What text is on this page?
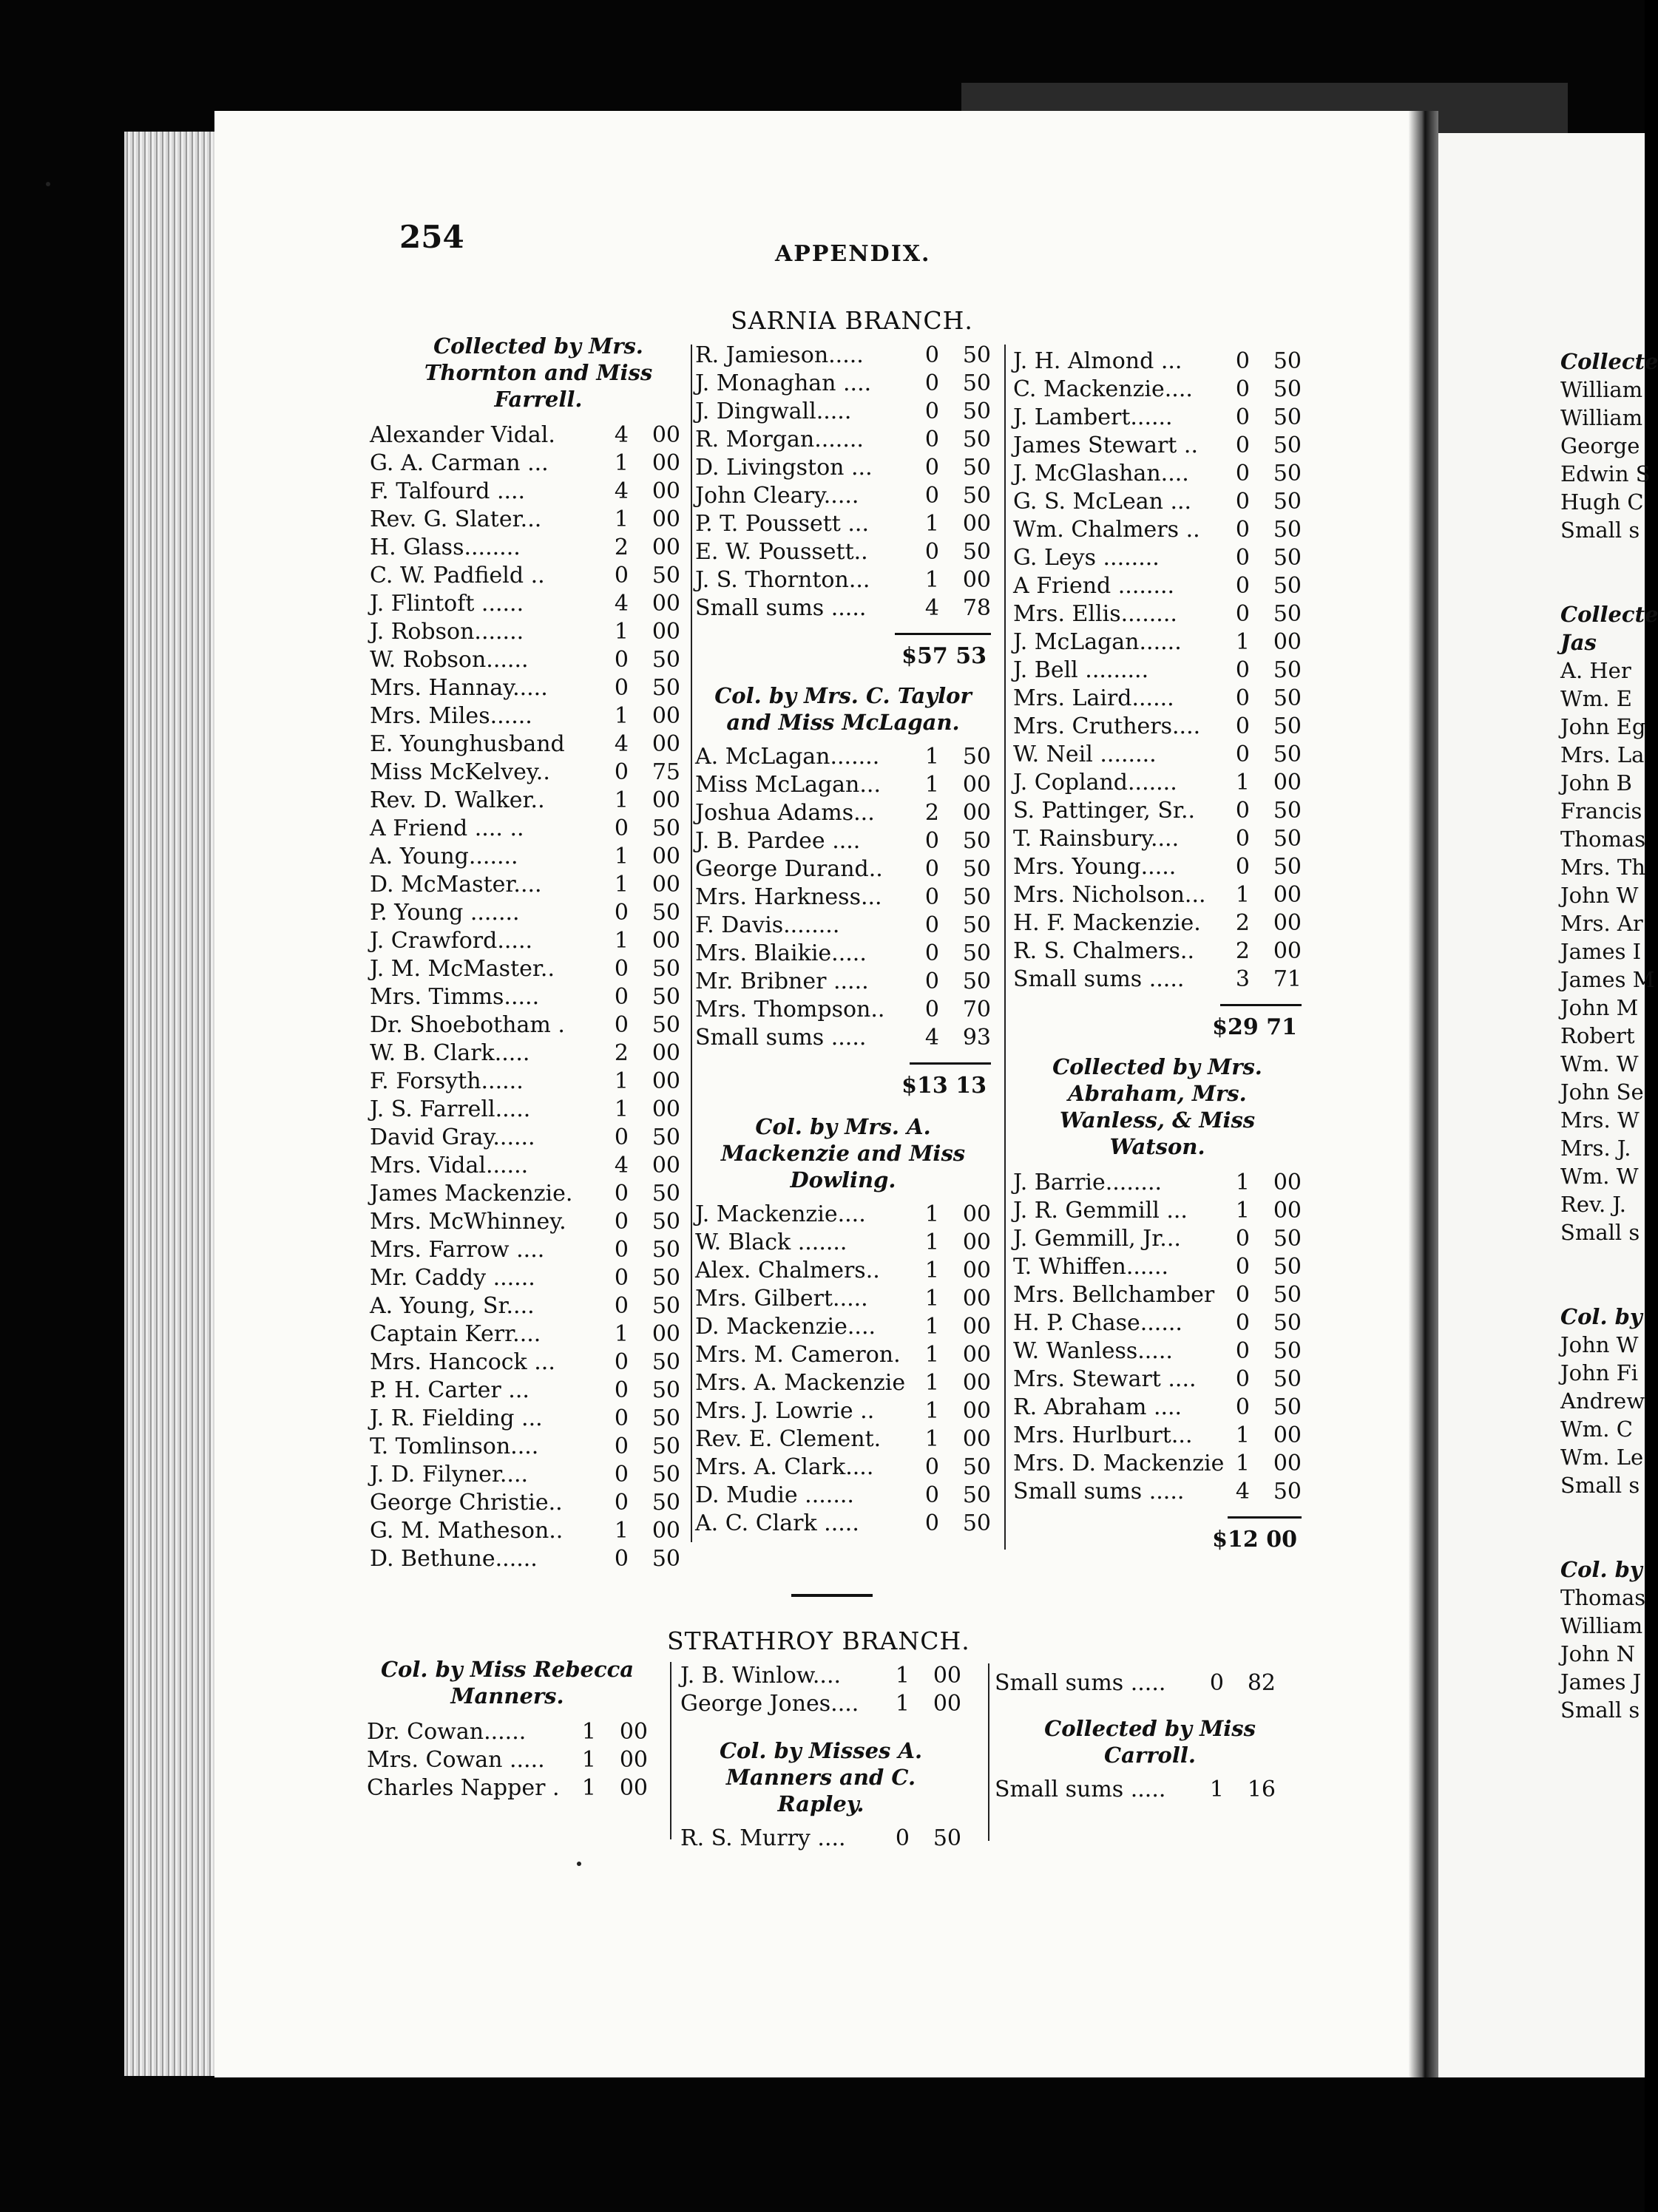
254	APPENDIX.
SARNIA BRANCH.
Collected by Mrs. Thornton and Miss Farrell.
Alexander Vidal.	4 00
G. A. Carman ...	1 00
F. Talfourd ....	4 00
Rev. G. Slater...	1 00
H. Glass........	2 00
C. W. Padfield ..	0 50
J. Flintoft ......	4 00
J. Robson.......	1 00
W. Robson......	0 50
Mrs. Hannay.....	0 50
Mrs. Miles......	1 00
E. Younghusband 4 00
Miss McKelvey..	0 75
Rev. D. Walker..	1 00
A Friend .... ..	0 50
A. Young.......	1 00
D. McMaster....	1 00
P. Young .......	0 50
J. Crawford.....	1 00
J. M. McMaster..	0 50
Mrs. Timms.....	0 50
Dr. Shoebotham . 0 50
W. B. Clark.....	2 00
F. Forsyth......	1 00
J. S. Farrell.....	1 00
David Gray......	0 50
Mrs. Vidal......	4 00
James Mackenzie. 0 50
Mrs. McWhinney. 0 50
Mrs. Farrow ....	0 50
Mr. Caddy ......	0 50
A. Young, Sr....	0 50
Captain Kerr....	1 00
Mrs. Hancock ...	0 50
P. H. Carter ...	0 50
J. R. Fielding ...	0 50
T. Tomlinson....	0 50
J. D. Filyner....	0 50
George Christie.. 0 50
G. M. Matheson.. 1 00
D. Bethune......	0 50
R. Jamieson.....	0 50
J. Monaghan .... 0 50
J. Dingwall.....	0 50
R. Morgan.......	0 50
D. Livingston ... 0 50
John Cleary.....	0 50
P. T. Poussett ...	1 00
E. W. Poussett..	0 50
J. S. Thornton... 1 00
Small sums .....	4 78
$57 53
Col. by Mrs. C. Taylor and Miss McLagan.
A. McLagan....... 1 50
Miss McLagan... 1 00
Joshua Adams... 2 00
J. B. Pardee ....	0 50
George Durand.. 0 50
Mrs. Harkness... 0 50
F. Davis........	0 50
Mrs. Blaikie.....	0 50
Mr. Bribner .....	0 50
Mrs. Thompson.. 0 70
Small sums .....	4 93
$13 13
Col. by Mrs. A. Mackenzie and Miss Dowling.
J. Mackenzie....	1 00
W. Black .......	1 00
Alex. Chalmers.. 1 00
Mrs. Gilbert.....	1 00
D. Mackenzie.... 1 00
Mrs. M. Cameron. 1 00
Mrs. A. Mackenzie 1 00
Mrs. J. Lowrie .. 1 00
Rev. E. Clement. 1 00
Mrs. A. Clark.... 0 50
D. Mudie .......	0 50
A. C. Clark .....	0 50
J. H. Almond ... 0 50
C. Mackenzie.... 0 50
J. Lambert......	0 50
James Stewart .. 0 50
J. McGlashan.... 0 50
G. S. McLean ... 0 50
Wm. Chalmers .. 0 50
G. Leys ........	0 50
A Friend ........	0 50
Mrs. Ellis........	0 50
J. McLagan...... 1 00
J. Bell .........	0 50
Mrs. Laird......	0 50
Mrs. Cruthers.... 0 50
W. Neil ........	0 50
J. Copland.......	1 00
S. Pattinger, Sr.. 0 50
T. Rainsbury....	0 50
Mrs. Young.....	0 50
Mrs. Nicholson... 1 00
H. F. Mackenzie. 2 00
R. S. Chalmers.. 2 00
Small sums ..... 3 71
$29 71
Collected by Mrs. Abraham, Mrs. Wanless, & Miss Watson.
J. Barrie........	1 00
J. R. Gemmill ... 1 00
J. Gemmill, Jr... 0 50
T. Whiffen......	0 50
Mrs. Bellchamber 0 50
H. P. Chase...... 0 50
W. Wanless.....	0 50
Mrs. Stewart .... 0 50
R. Abraham .... 0 50
Mrs. Hurlburt... 1 00
Mrs. D. Mackenzie 1 00
Small sums ..... 4 50
$12 00
STRATHROY BRANCH.
Col. by Miss Rebecca Manners.
Dr. Cowan......	1 00
Mrs. Cowan ..... 1 00
Charles Napper . 1 00
J. B. Winlow.... 1 00
George Jones.... 1 00
Col. by Misses A. Manners and C. Rapley.
R. S. Murry .... 0 50
Small sums ..... 0 82
Collected by Miss Carroll.
Small sums ..... 1 16
Collecte
William
William
George
Edwin S
Hugh C
Small s
Collecte
Jas
A. Her
Wm. E
John Eg
Mrs. La
John B
Francis
Thomas
Mrs. Th
John W
Mrs. Ar
James I
James M
John M
Robert
Wm. W
John Se
Mrs. W
Mrs. J.
Wm. W
Rev. J.
Small s
Col. by
John W
John Fi
Andrew
Wm. C
Wm. Le
Small s
Col. by
Thomas
William
John N
James J
Small s
